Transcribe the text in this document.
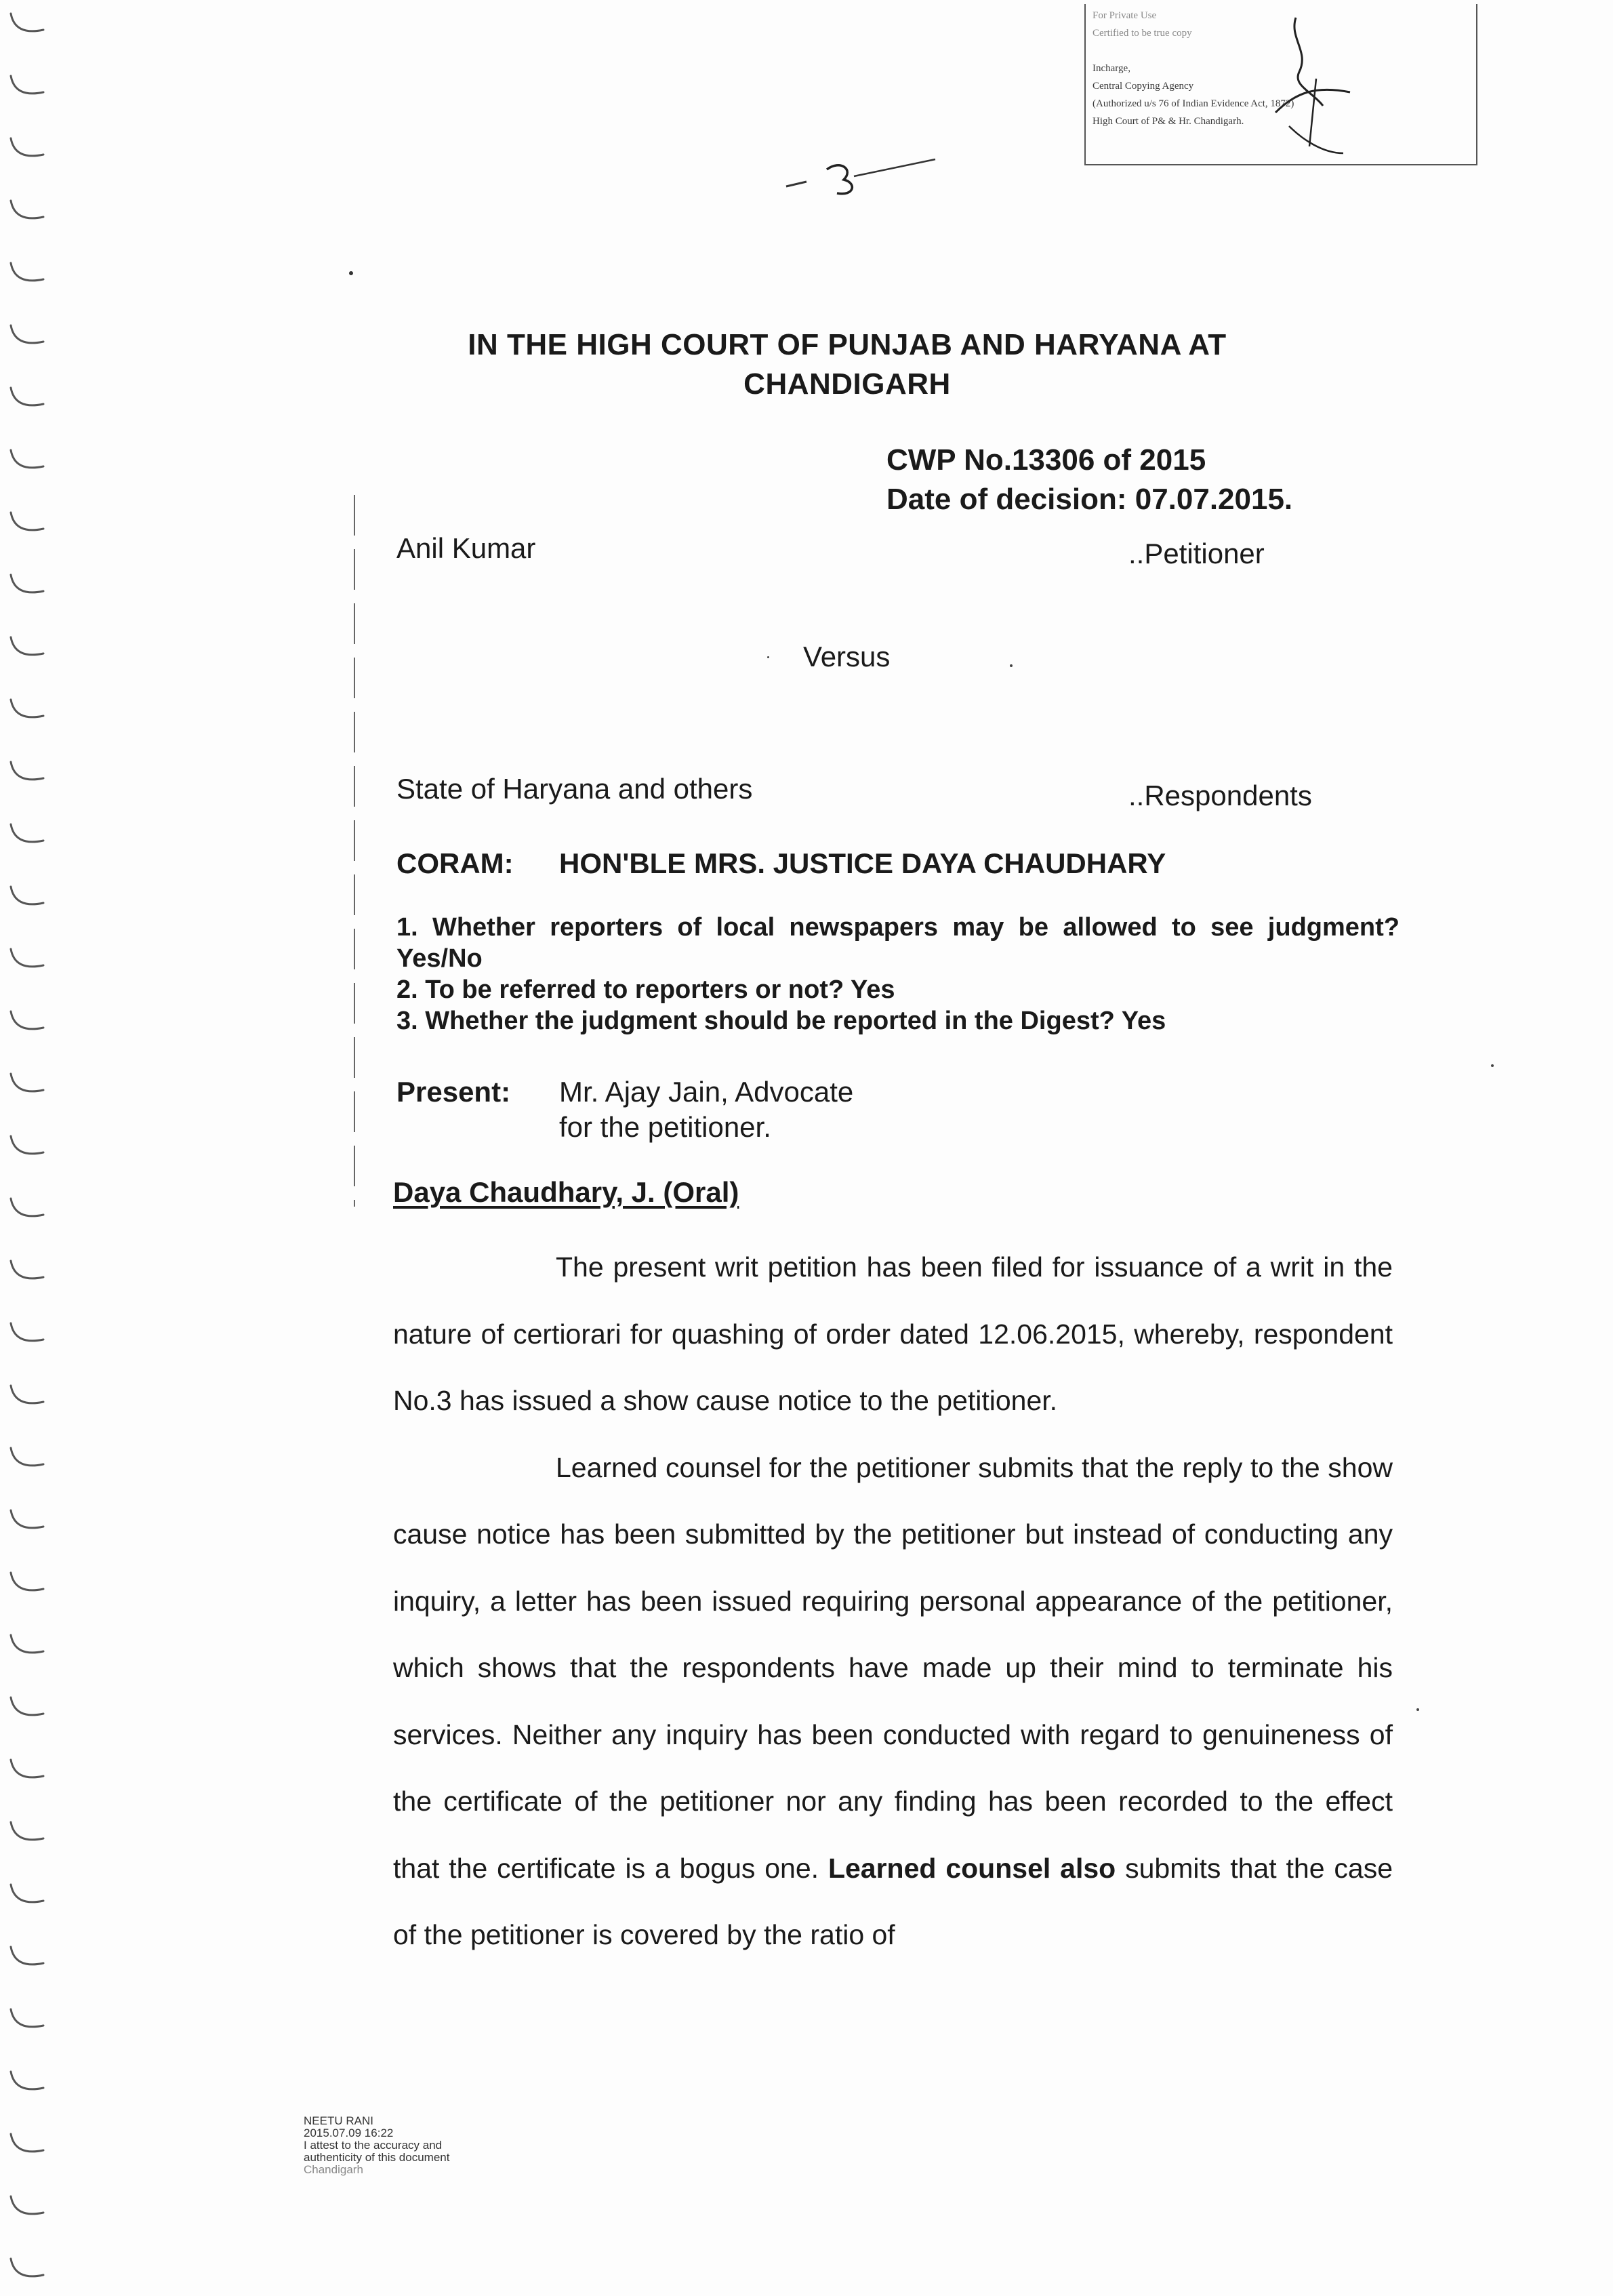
For Private Use
Certified to be true copy
Incharge,
Central Copying Agency
(Authorized u/s 76 of Indian Evidence Act, 1872)
High Court of P& & Hr. Chandigarh.
IN THE HIGH COURT OF PUNJAB AND HARYANA AT
CHANDIGARH
CWP No.13306 of 2015
Date of decision: 07.07.2015.
Anil Kumar	..Petitioner
Versus
State of Haryana and others	..Respondents
CORAM: HON'BLE MRS. JUSTICE DAYA CHAUDHARY
1. Whether reporters of local newspapers may be allowed to see judgment? Yes/No
2. To be referred to reporters or not? Yes
3. Whether the judgment should be reported in the Digest? Yes
Present: Mr. Ajay Jain, Advocate
for the petitioner.
Daya Chaudhary, J. (Oral)

The present writ petition has been filed for issuance of a writ in the nature of certiorari for quashing of order dated 12.06.2015, whereby, respondent No.3 has issued a show cause notice to the petitioner.

Learned counsel for the petitioner submits that the reply to the show cause notice has been submitted by the petitioner but instead of conducting any inquiry, a letter has been issued requiring personal appearance of the petitioner, which shows that the respondents have made up their mind to terminate his services. Neither any inquiry has been conducted with regard to genuineness of the certificate of the petitioner nor any finding has been recorded to the effect that the certificate is a bogus one. Learned counsel also submits that the case of the petitioner is covered by the ratio of

NEETU RANI
2015.07.09 16:22
I attest to the accuracy and
authenticity of this document
Chandigarh
